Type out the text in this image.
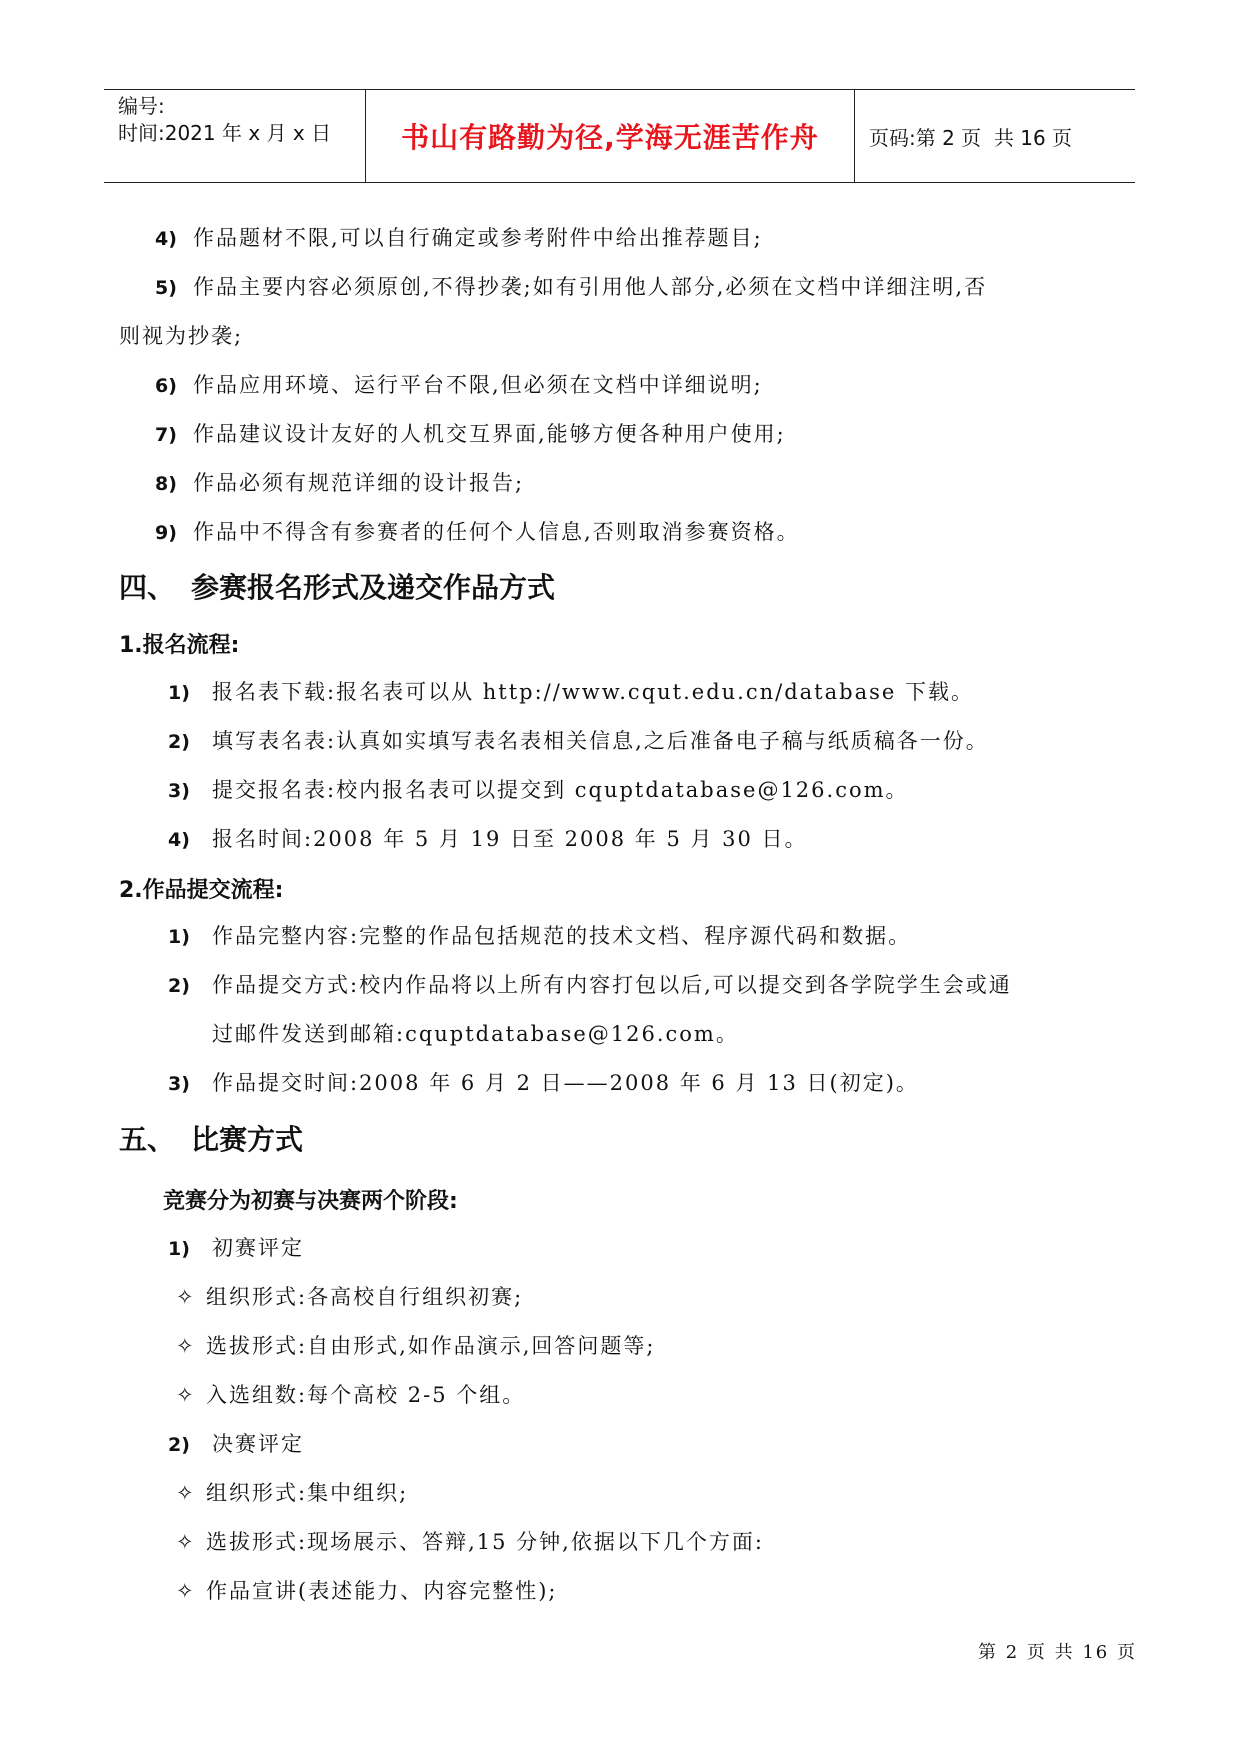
编号:
时间:2021 年 x 月 x 日	书山有路勤为径,学海无涯苦作舟	页码:第 2 页  共 16 页
4) 作品题材不限,可以自行确定或参考附件中给出推荐题目;
5) 作品主要内容必须原创,不得抄袭;如有引用他人部分,必须在文档中详细注明,否
则视为抄袭;
6) 作品应用环境、运行平台不限,但必须在文档中详细说明;
7) 作品建议设计友好的人机交互界面,能够方便各种用户使用;
8) 作品必须有规范详细的设计报告;
9) 作品中不得含有参赛者的任何个人信息,否则取消参赛资格。
四、 参赛报名形式及递交作品方式
1.报名流程:
1) 报名表下载:报名表可以从 http://www.cqut.edu.cn/database 下载。
2) 填写表名表:认真如实填写表名表相关信息,之后准备电子稿与纸质稿各一份。
3) 提交报名表:校内报名表可以提交到 cquptdatabase@126.com。
4) 报名时间:2008 年 5 月 19 日至 2008 年 5 月 30 日。
2.作品提交流程:
1) 作品完整内容:完整的作品包括规范的技术文档、程序源代码和数据。
2) 作品提交方式:校内作品将以上所有内容打包以后,可以提交到各学院学生会或通
过邮件发送到邮箱:cquptdatabase@126.com。
3) 作品提交时间:2008 年 6 月 2 日——2008 年 6 月 13 日(初定)。
五、 比赛方式
竞赛分为初赛与决赛两个阶段:
1) 初赛评定
✧ 组织形式:各高校自行组织初赛;
✧ 选拔形式:自由形式,如作品演示,回答问题等;
✧ 入选组数:每个高校 2-5 个组。
2) 决赛评定
✧ 组织形式:集中组织;
✧ 选拔形式:现场展示、答辩,15 分钟,依据以下几个方面:
✧ 作品宣讲(表述能力、内容完整性);
第 2 页 共 16 页
